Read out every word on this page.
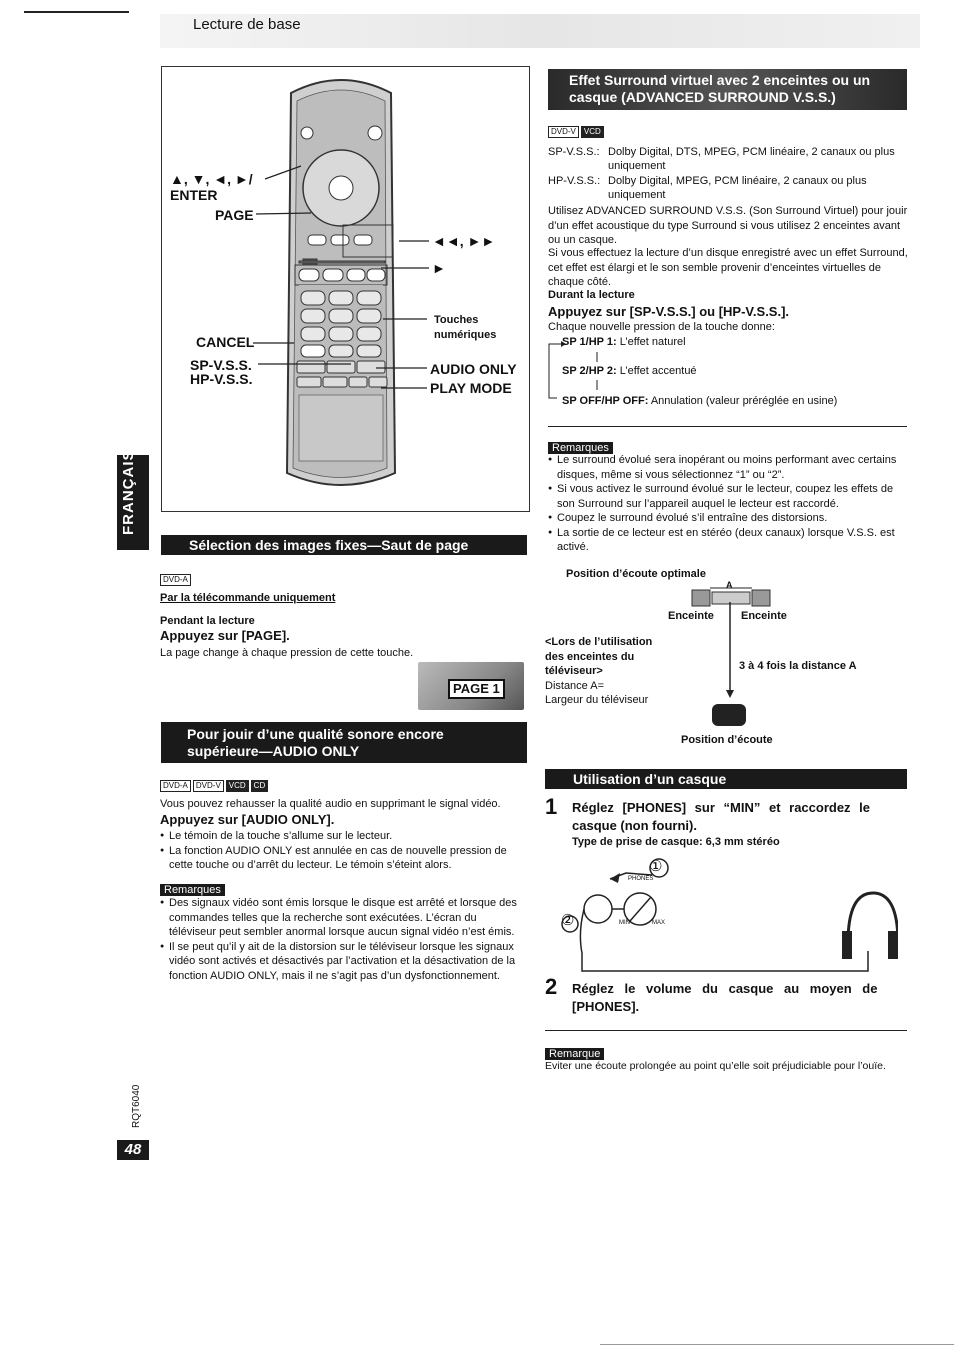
Lecture de base
FRANÇAIS
RQT6040
48
▲, ▼, ◄, ►/
ENTER
PAGE
CANCEL
SP-V.S.S.
HP-V.S.S.
◄◄, ►►
►
Touches
numériques
AUDIO ONLY
PLAY MODE
Sélection des images fixes—Saut de page
DVD-A
Par la télécommande uniquement
Pendant la lecture
Appuyez sur [PAGE].
La page change à chaque pression de cette touche.
PAGE 1
Pour jouir d’une qualité sonore encore
supérieure—AUDIO ONLY
DVD-A DVD-V VCD CD
Vous pouvez rehausser la qualité audio en supprimant le signal vidéo.
Appuyez sur [AUDIO ONLY].
● Le témoin de la touche s’allume sur le lecteur.
● La fonction AUDIO ONLY est annulée en cas de nouvelle pression de cette touche ou d’arrêt du lecteur. Le témoin s’éteint alors.
Remarques
● Des signaux vidéo sont émis lorsque le disque est arrêté et lorsque des commandes telles que la recherche sont exécutées. L’écran du téléviseur peut sembler anormal lorsque aucun signal vidéo n’est émis.
● Il se peut qu’il y ait de la distorsion sur le téléviseur lorsque les signaux vidéo sont activés et désactivés par l’activation et la désactivation de la fonction AUDIO ONLY, mais il ne s’agit pas d’un dysfonctionnement.
Effet Surround virtuel avec 2 enceintes ou un
casque (ADVANCED SURROUND V.S.S.)
DVD-V VCD
SP-V.S.S.: Dolby Digital, DTS, MPEG, PCM linéaire, 2 canaux ou plus
uniquement
HP-V.S.S.: Dolby Digital, MPEG, PCM linéaire, 2 canaux ou plus
uniquement
Utilisez ADVANCED SURROUND V.S.S. (Son Surround Virtuel) pour jouir d’un effet acoustique du type Surround si vous utilisez 2 enceintes avant ou un casque.
Si vous effectuez la lecture d’un disque enregistré avec un effet Surround, cet effet est élargi et le son semble provenir d’enceintes virtuelles de chaque côté.
Durant la lecture
Appuyez sur [SP-V.S.S.] ou [HP-V.S.S.].
Chaque nouvelle pression de la touche donne:
SP 1/HP 1: L’effet naturel
SP 2/HP 2: L’effet accentué
SP OFF/HP OFF: Annulation (valeur préréglée en usine)
Remarques
● Le surround évolué sera inopérant ou moins performant avec certains disques, même si vous sélectionnez “1” ou “2”.
● Si vous activez le surround évolué sur le lecteur, coupez les effets de son Surround sur l’appareil auquel le lecteur est raccordé.
● Coupez le surround évolué s’il entraîne des distorsions.
● La sortie de ce lecteur est en stéréo (deux canaux) lorsque V.S.S. est activé.
Position d’écoute optimale
A
Enceinte Enceinte
<Lors de l’utilisation
des enceintes du
téléviseur>
Distance A=
Largeur du téléviseur
3 à 4 fois la distance A
Position d’écoute
Utilisation d’un casque
1 Réglez [PHONES] sur “MIN” et raccordez le
casque (non fourni).
Type de prise de casque: 6,3 mm stéréo
①
②
PHONES
MIN	MAX
2 Réglez le volume du casque au moyen de
[PHONES].
Remarque
Eviter une écoute prolongée au point qu’elle soit préjudiciable pour l’ouïe.
